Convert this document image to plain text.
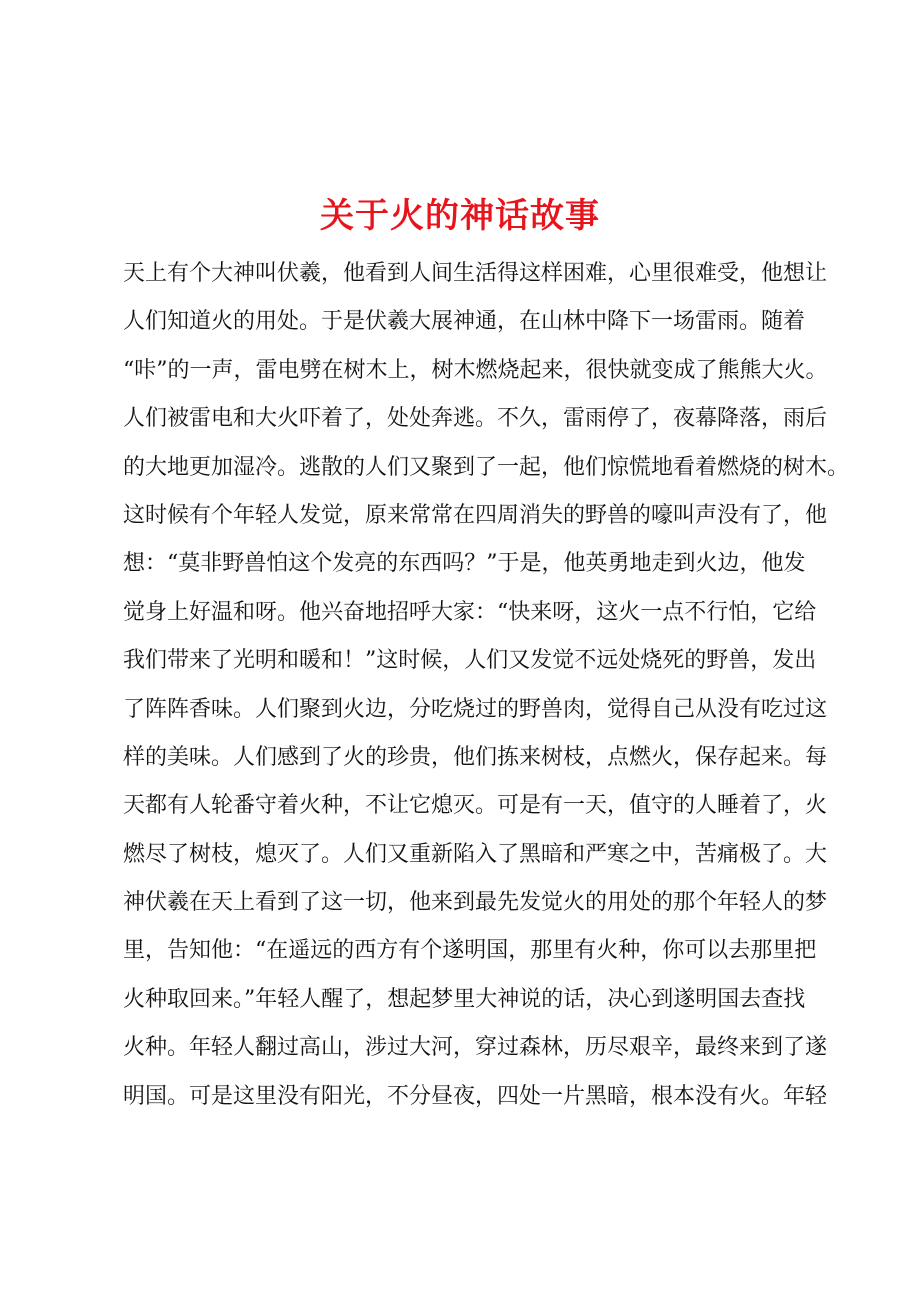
关于火的神话故事
天上有个大神叫伏羲，他看到人间生活得这样困难，心里很难受，他想让
人们知道火的用处。于是伏羲大展神通，在山林中降下一场雷雨。随着
“咔”的一声，雷电劈在树木上，树木燃烧起来，很快就变成了熊熊大火。
人们被雷电和大火吓着了，处处奔逃。不久，雷雨停了，夜幕降落，雨后
的大地更加湿冷。逃散的人们又聚到了一起，他们惊慌地看着燃烧的树木。
这时候有个年轻人发觉，原来常常在四周消失的野兽的嚎叫声没有了，他
想：“莫非野兽怕这个发亮的东西吗？”于是，他英勇地走到火边，他发
觉身上好温和呀。他兴奋地招呼大家：“快来呀，这火一点不行怕，它给
我们带来了光明和暖和！”这时候，人们又发觉不远处烧死的野兽，发出
了阵阵香味。人们聚到火边，分吃烧过的野兽肉，觉得自己从没有吃过这
样的美味。人们感到了火的珍贵，他们拣来树枝，点燃火，保存起来。每
天都有人轮番守着火种，不让它熄灭。可是有一天，值守的人睡着了，火
燃尽了树枝，熄灭了。人们又重新陷入了黑暗和严寒之中，苦痛极了。大
神伏羲在天上看到了这一切，他来到最先发觉火的用处的那个年轻人的梦
里，告知他：“在遥远的西方有个遂明国，那里有火种，你可以去那里把
火种取回来。”年轻人醒了，想起梦里大神说的话，决心到遂明国去查找
火种。年轻人翻过高山，涉过大河，穿过森林，历尽艰辛，最终来到了遂
明国。可是这里没有阳光，不分昼夜，四处一片黑暗，根本没有火。年轻
